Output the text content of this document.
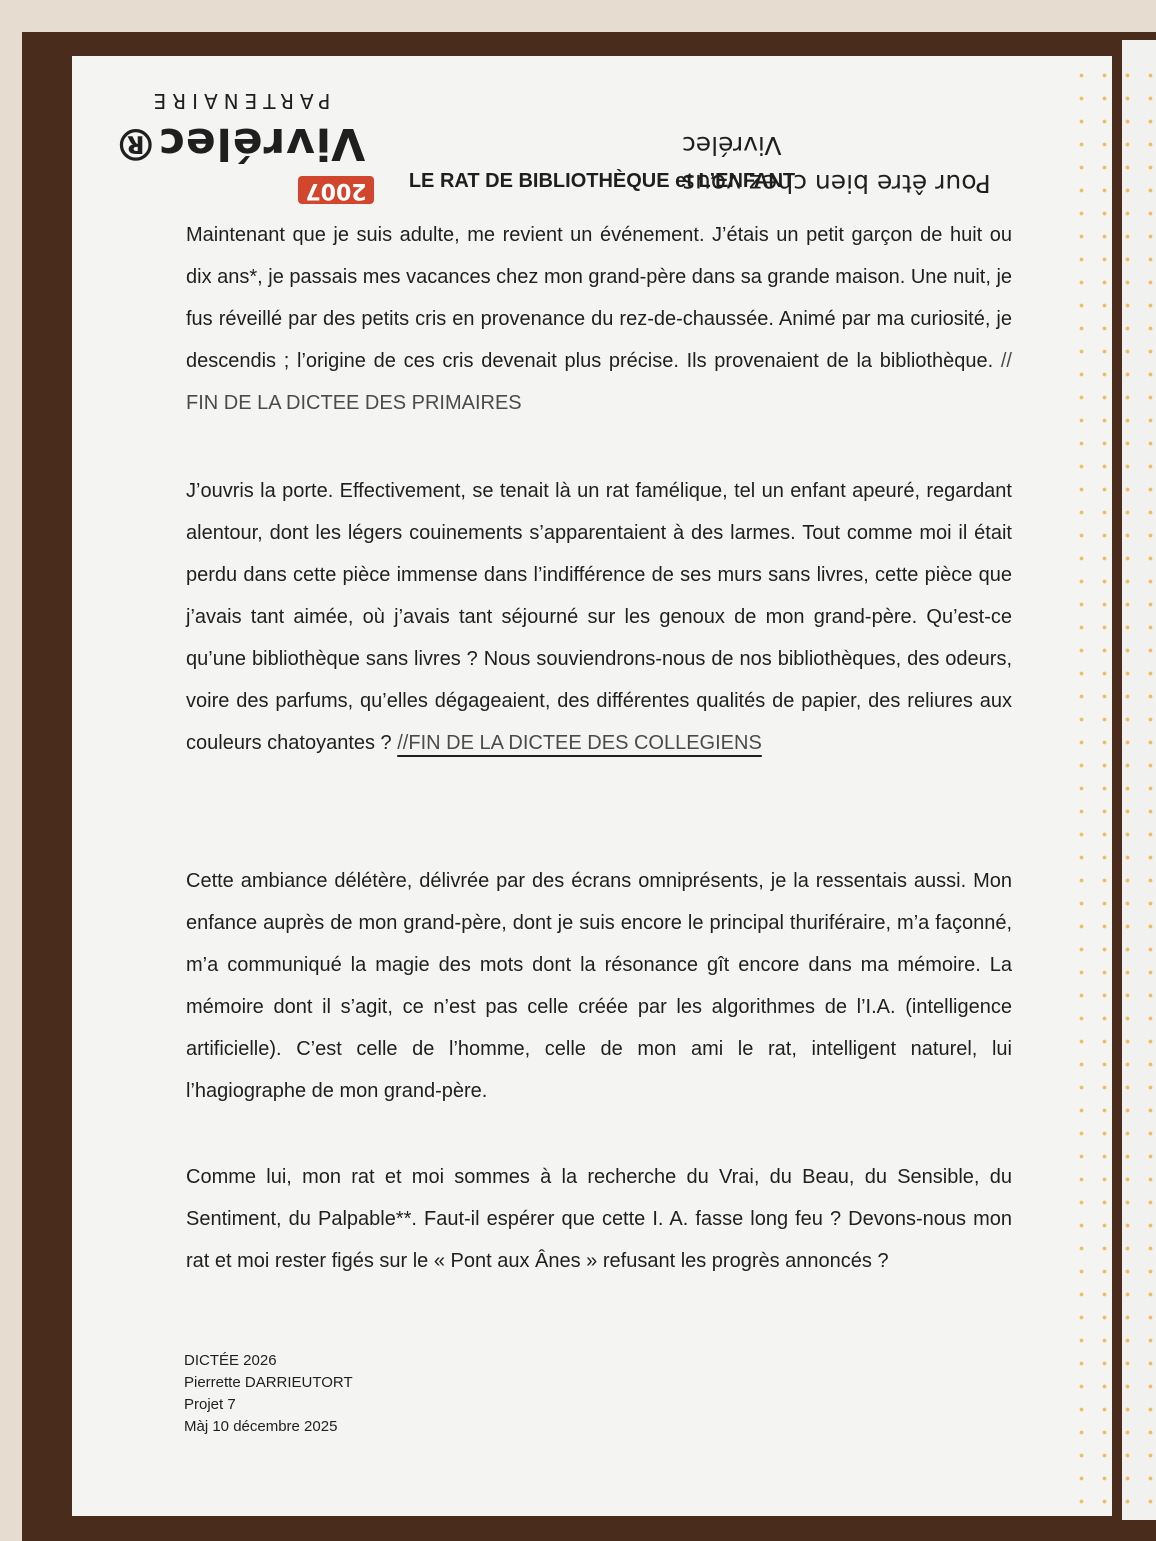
2007
Vivrélec®
PARTENAIRE
Pour être bien chez vous
Vivrélec
LE RAT DE BIBLIOTHÈQUE et L’ENFANT

Maintenant que je suis adulte, me revient un événement. J’étais un petit garçon de huit ou dix ans*, je passais mes vacances chez mon grand-père dans sa grande maison. Une nuit, je fus réveillé par des petits cris en provenance du rez-de-chaussée. Animé par ma curiosité, je descendis ; l’origine de ces cris devenait plus précise. Ils provenaient de la bibliothèque. // FIN DE LA DICTEE DES PRIMAIRES

J’ouvris la porte. Effectivement, se tenait là un rat famélique, tel un enfant apeuré, regardant alentour, dont les légers couinements s’apparentaient à des larmes. Tout comme moi il était perdu dans cette pièce immense dans l’indifférence de ses murs sans livres, cette pièce que j’avais tant aimée, où j’avais tant séjourné sur les genoux de mon grand-père. Qu’est-ce qu’une bibliothèque sans livres ? Nous souviendrons-nous de nos bibliothèques, des odeurs, voire des parfums, qu’elles dégageaient, des différentes qualités de papier, des reliures aux couleurs chatoyantes ? //FIN DE LA DICTEE DES COLLEGIENS

Cette ambiance délétère, délivrée par des écrans omniprésents, je la ressentais aussi. Mon enfance auprès de mon grand-père, dont je suis encore le principal thuriféraire, m’a façonné, m’a communiqué la magie des mots dont la résonance gît encore dans ma mémoire. La mémoire dont il s’agit, ce n’est pas celle créée par les algorithmes de l’I.A. (intelligence artificielle). C’est celle de l’homme, celle de mon ami le rat, intelligent naturel, lui l’hagiographe de mon grand-père.

Comme lui, mon rat et moi sommes à la recherche du Vrai, du Beau, du Sensible, du Sentiment, du Palpable**. Faut-il espérer que cette I. A. fasse long feu ? Devons-nous mon rat et moi rester figés sur le « Pont aux Ânes » refusant les progrès annoncés ?

DICTÉE 2026
Pierrette DARRIEUTORT
Projet 7
Màj 10 décembre 2025
